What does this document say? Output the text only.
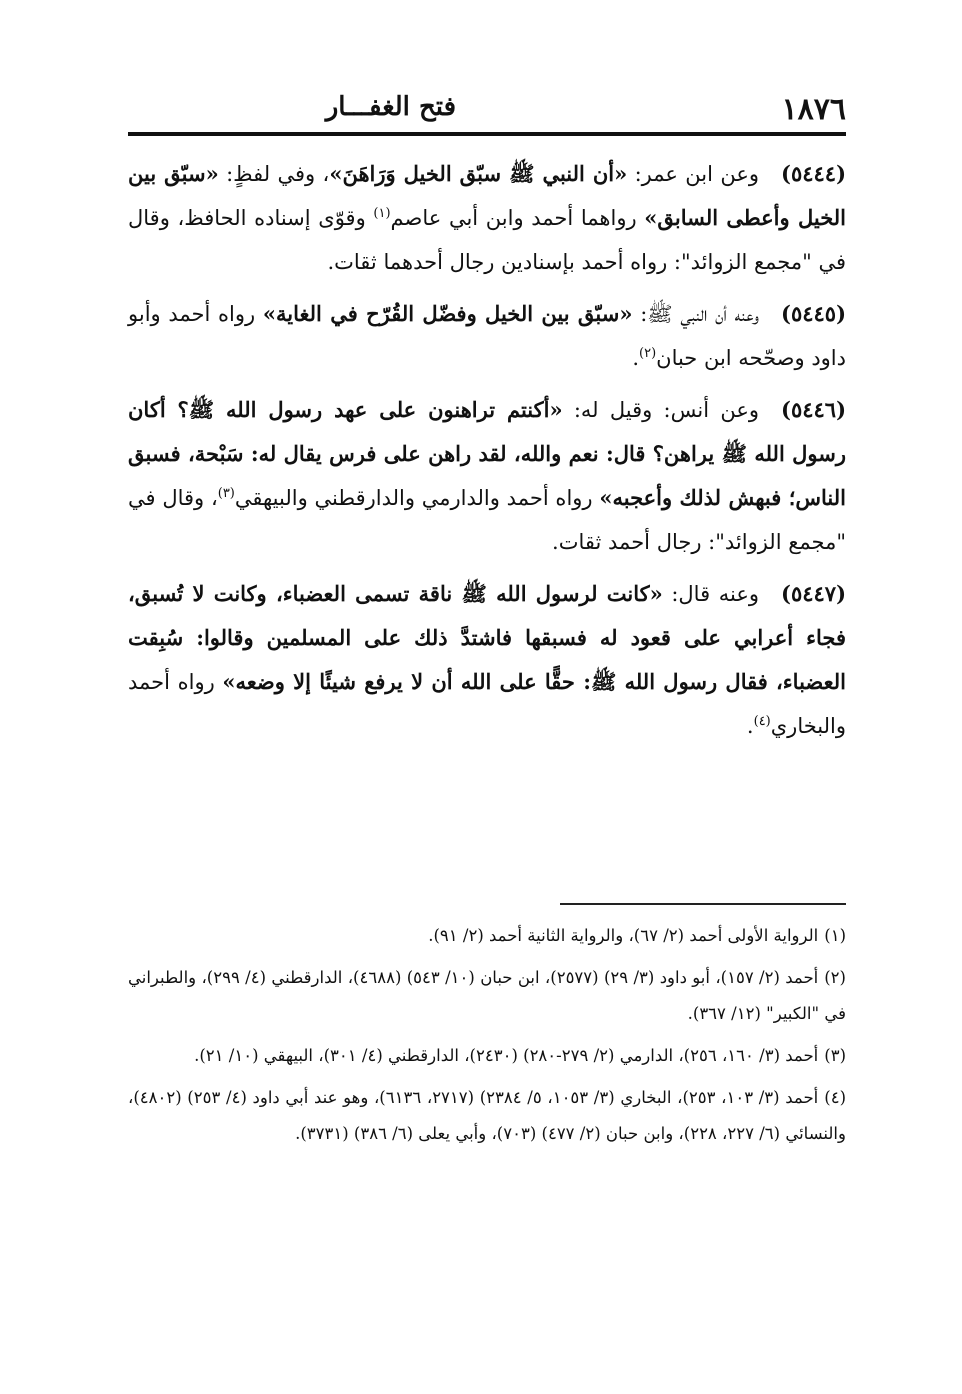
١٨٧٦
فتح الغفـــار

(٥٤٤٤)وعن ابن عمر: «أن النبي ﷺ سبّق الخيل وَرَاهَنَ»، وفي لفظٍ: «سبّق بين الخيل وأعطى السابق» رواهما أحمد وابن أبي عاصم$^{(١)}$ وقوّى إسناده الحافظ، وقال في "مجمع الزوائد": رواه أحمد بإسنادين رجال أحدهما ثقات.

(٥٤٤٥)وعنه أن النبي ﷺ: «سبّق بين الخيل وفضّل القُرّح في الغاية» رواه أحمد وأبو داود وصحّحه ابن حبان$^{(٢)}$.

(٥٤٤٦)وعن أنس: وقيل له: «أكنتم تراهنون على عهد رسول الله ﷺ؟ أكان رسول الله ﷺ يراهن؟ قال: نعم والله، لقد راهن على فرس يقال له: سَبْحة، فسبق الناس؛ فبهش لذلك وأعجبه» رواه أحمد والدارمي والدارقطني والبيهقي$^{(٣)}$، وقال في "مجمع الزوائد": رجال أحمد ثقات.

(٥٤٤٧)وعنه قال: «كانت لرسول الله ﷺ ناقة تسمى العضباء، وكانت لا تُسبق، فجاء أعرابي على قعود له فسبقها فاشتدَّ ذلك على المسلمين وقالوا: سُبِقت العضباء، فقال رسول الله ﷺ: حقًّا على الله أن لا يرفع شيئًا إلا وضعه» رواه أحمد والبخاري$^{(٤)}$.

(١)الرواية الأولى أحمد (٢/ ٦٧)، والرواية الثانية أحمد (٢/ ٩١).

(٢)أحمد (٢/ ١٥٧)، أبو داود (٣/ ٢٩) (٢٥٧٧)، ابن حبان (١٠/ ٥٤٣) (٤٦٨٨)، الدارقطني (٤/ ٢٩٩)، والطبراني في "الكبير" (١٢/ ٣٦٧).

(٣)أحمد (٣/ ١٦٠، ٢٥٦)، الدارمي (٢/ ٢٧٩-٢٨٠) (٢٤٣٠)، الدارقطني (٤/ ٣٠١)، البيهقي (١٠/ ٢١).

(٤)أحمد (٣/ ١٠٣، ٢٥٣)، البخاري (٣/ ١٠٥٣، ٥/ ٢٣٨٤) (٢٧١٧، ٦١٣٦)، وهو عند أبي داود (٤/ ٢٥٣) (٤٨٠٢)، والنسائي (٦/ ٢٢٧، ٢٢٨)، وابن حبان (٢/ ٤٧٧) (٧٠٣)، وأبي يعلى (٦/ ٣٨٦) (٣٧٣١).
